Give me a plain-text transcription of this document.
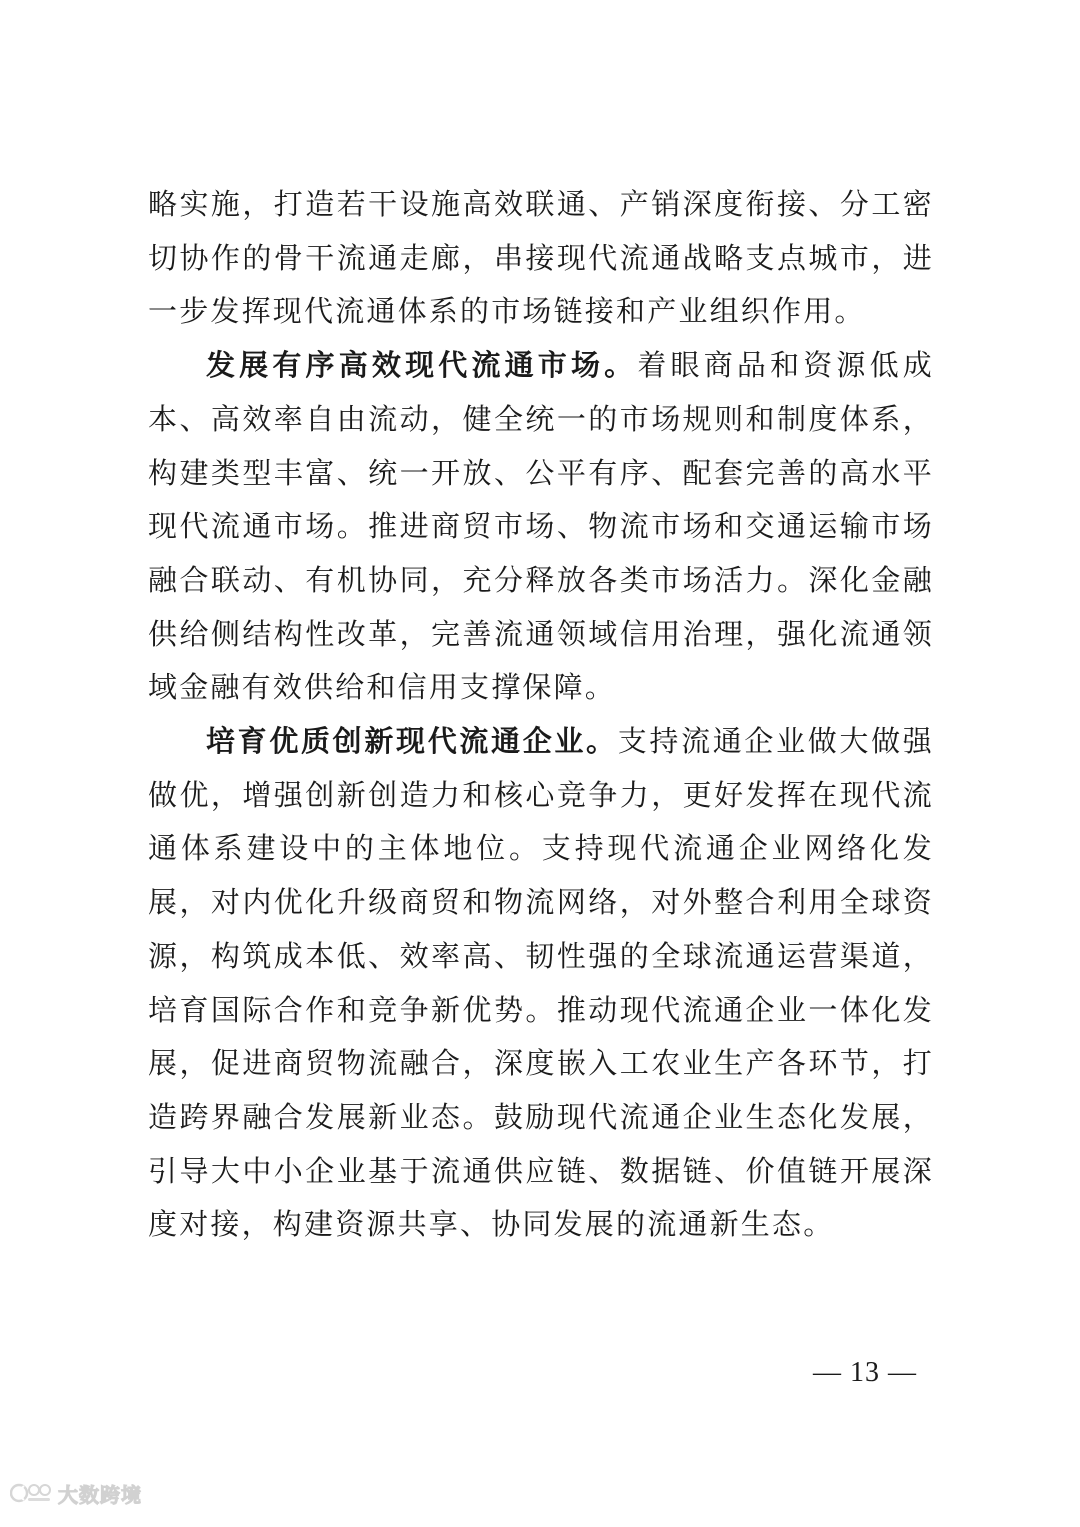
略实施，打造若干设施高效联通、产销深度衔接、分工密切协作的骨干流通走廊，串接现代流通战略支点城市，进一步发挥现代流通体系的市场链接和产业组织作用。

发展有序高效现代流通市场。着眼商品和资源低成本、高效率自由流动，健全统一的市场规则和制度体系，构建类型丰富、统一开放、公平有序、配套完善的高水平现代流通市场。推进商贸市场、物流市场和交通运输市场融合联动、有机协同，充分释放各类市场活力。深化金融供给侧结构性改革，完善流通领域信用治理，强化流通领域金融有效供给和信用支撑保障。

培育优质创新现代流通企业。支持流通企业做大做强做优，增强创新创造力和核心竞争力，更好发挥在现代流通体系建设中的主体地位。支持现代流通企业网络化发展，对内优化升级商贸和物流网络，对外整合利用全球资源，构筑成本低、效率高、韧性强的全球流通运营渠道，培育国际合作和竞争新优势。推动现代流通企业一体化发展，促进商贸物流融合，深度嵌入工农业生产各环节，打造跨界融合发展新业态。鼓励现代流通企业生态化发展，引导大中小企业基于流通供应链、数据链、价值链开展深度对接，构建资源共享、协同发展的流通新生态。

— 13 —
大数跨境
